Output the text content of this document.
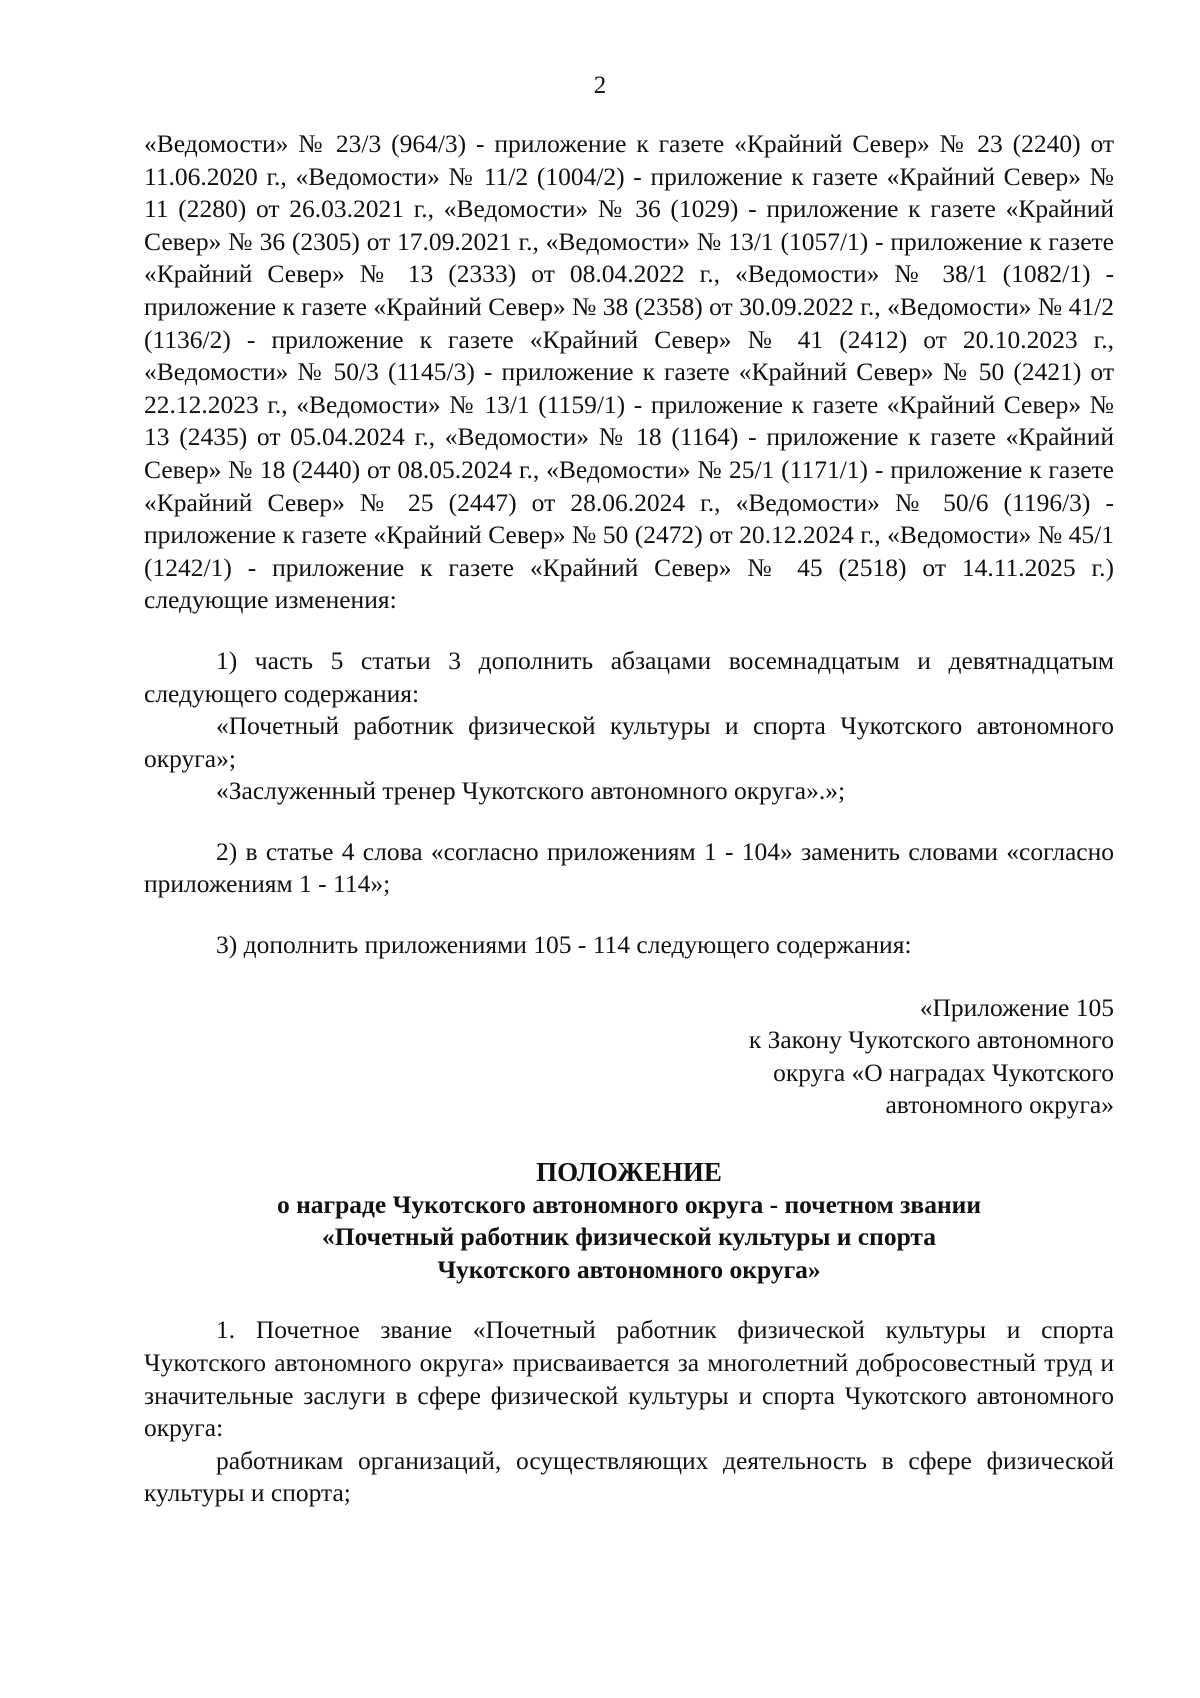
2

«Ведомости» № 23/3 (964/3) - приложение к газете «Крайний Север» № 23 (2240) от 11.06.2020 г., «Ведомости» № 11/2 (1004/2) - приложение к газете «Крайний Север» № 11 (2280) от 26.03.2021 г., «Ведомости» № 36 (1029) - приложение к газете «Крайний Север» № 36 (2305) от 17.09.2021 г., «Ведомости» № 13/1 (1057/1) - приложение к газете «Крайний Север» № 13 (2333) от 08.04.2022 г., «Ведомости» № 38/1 (1082/1) - приложение к газете «Крайний Север» № 38 (2358) от 30.09.2022 г., «Ведомости» № 41/2 (1136/2) - приложение к газете «Крайний Север» № 41 (2412) от 20.10.2023 г., «Ведомости» № 50/3 (1145/3) - приложение к газете «Крайний Север» № 50 (2421) от 22.12.2023 г., «Ведомости» № 13/1 (1159/1) - приложение к газете «Крайний Север» № 13 (2435) от 05.04.2024 г., «Ведомости» № 18 (1164) - приложение к газете «Крайний Север» № 18 (2440) от 08.05.2024 г., «Ведомости» № 25/1 (1171/1) - приложение к газете «Крайний Север» № 25 (2447) от 28.06.2024 г., «Ведомости» № 50/6 (1196/3) - приложение к газете «Крайний Север» № 50 (2472) от 20.12.2024 г., «Ведомости» № 45/1 (1242/1) - приложение к газете «Крайний Север» № 45 (2518) от 14.11.2025 г.) следующие изменения:

1) часть 5 статьи 3 дополнить абзацами восемнадцатым и девятнадцатым следующего содержания:

«Почетный работник физической культуры и спорта Чукотского автономного округа»;

«Заслуженный тренер Чукотского автономного округа».»;

2) в статье 4 слова «согласно приложениям 1 - 104» заменить словами «согласно приложениям 1 - 114»;

3) дополнить приложениями 105 - 114 следующего содержания:

«Приложение 105
к Закону Чукотского автономного
округа «О наградах Чукотского
автономного округа»
ПОЛОЖЕНИЕ
о награде Чукотского автономного округа - почетном звании
«Почетный работник физической культуры и спорта
Чукотского автономного округа»

1. Почетное звание «Почетный работник физической культуры и спорта Чукотского автономного округа» присваивается за многолетний добросовестный труд и значительные заслуги в сфере физической культуры и спорта Чукотского автономного округа:

работникам организаций, осуществляющих деятельность в сфере физической культуры и спорта;
